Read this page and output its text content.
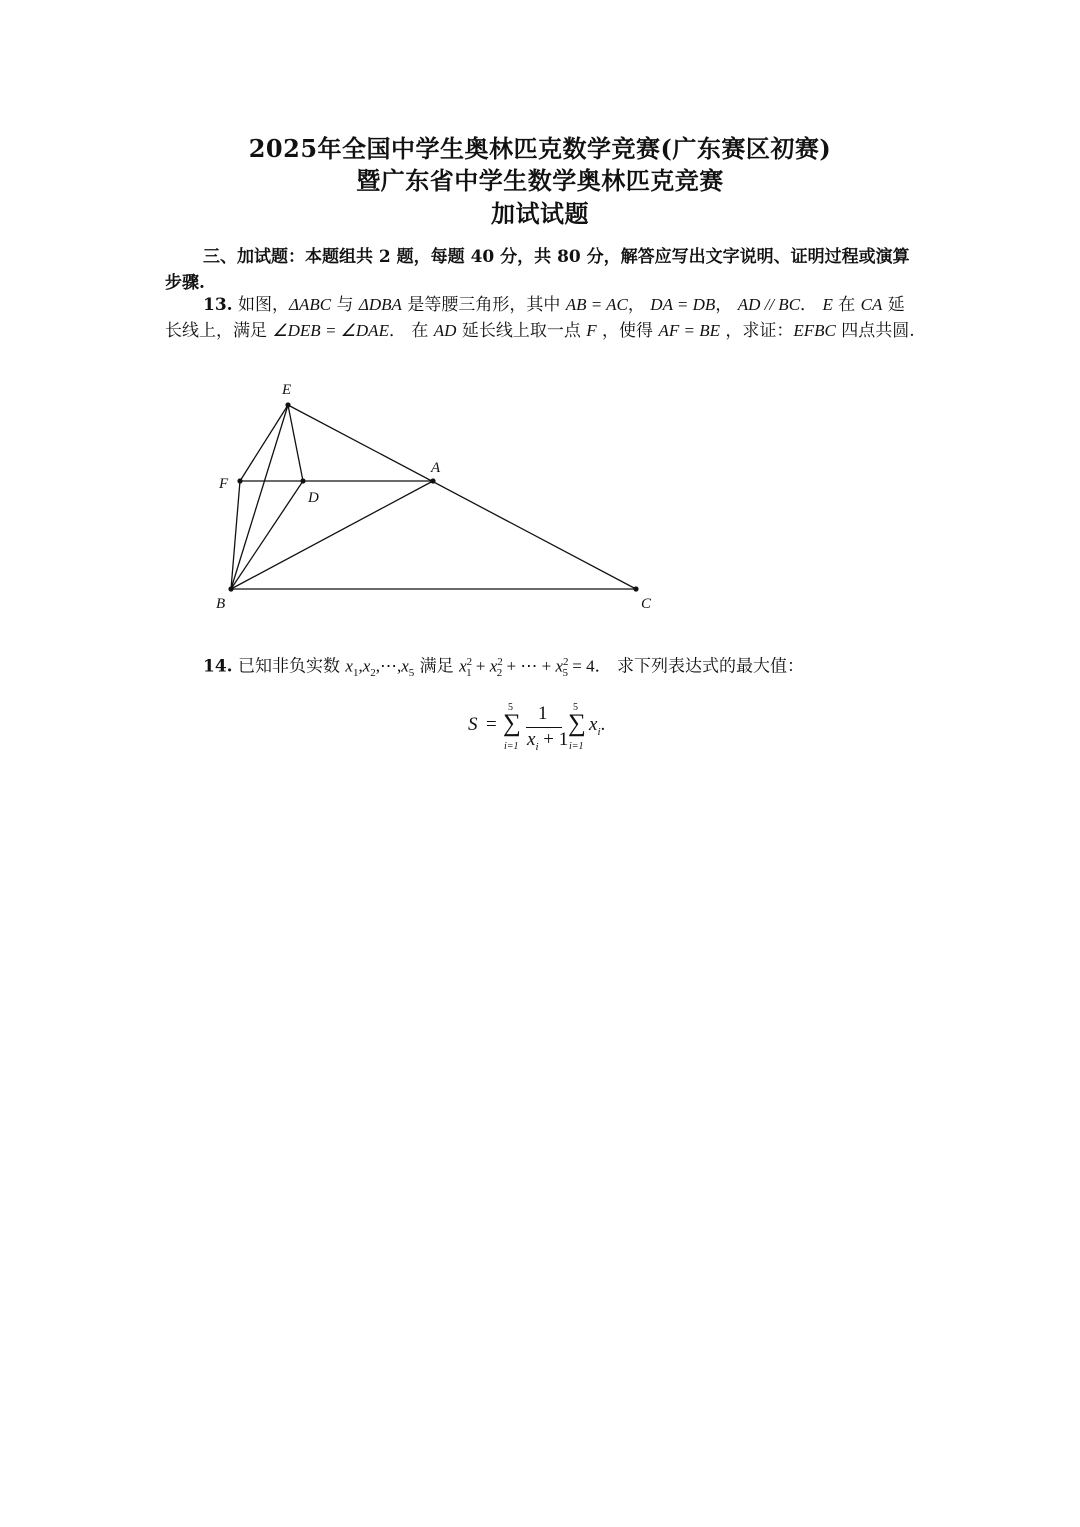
2025年全国中学生奥林匹克数学竞赛(广东赛区初赛)
暨广东省中学生数学奥林匹克竞赛
加试试题
三、加试题：本题组共 2 题，每题 40 分，共 80 分，解答应写出文字说明、证明过程或演算步骤.
13. 如图，ΔABC 与 ΔDBA 是等腰三角形，其中 AB = AC， DA = DB， AD // BC． E 在 CA 延长线上，满足 ∠DEB = ∠DAE． 在 AD 延长线上取一点 F ，使得 AF = BE ，求证：EFBC 四点共圆.
E
A
F
D
B	C
14. 已知非负实数 $x_1,x_2,\cdots,x_5$ 满足 $x^2_1 + x^2_2$ + ⋯ + $x^2_5 = 4$． 求下列表达式的最大值：
S =
5
∑
i=1
1
$x_i + 1$
5
∑
i=1
$x_i$.
